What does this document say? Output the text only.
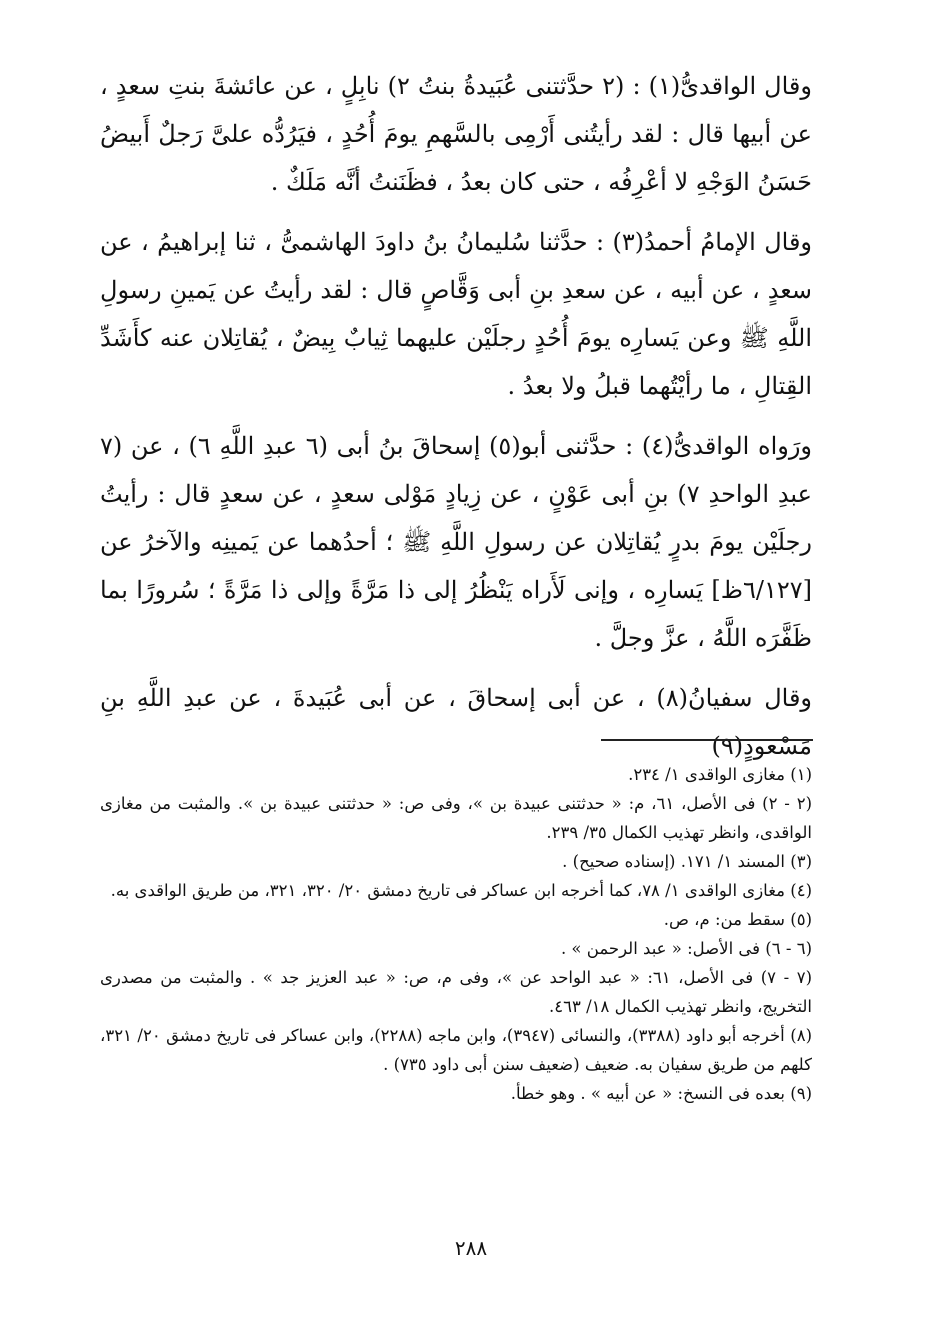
وقال الواقدىُّ(١) : (٢ حدَّثتنى عُبَيدةُ بنتُ ٢) نابِلٍ ، عن عائشةَ بنتِ سعدٍ ، عن أبيها قال : لقد رأيتُنى أَرْمِى بالسَّهمِ يومَ أُحُدٍ ، فيَرُدُّه علىَّ رَجلٌ أَبيضُ حَسَنُ الوَجْهِ لا أعْرِفُه ، حتى كان بعدُ ، فظَنَنتُ أنَّه مَلَكٌ .

وقال الإمامُ أحمدُ(٣) : حدَّثنا سُليمانُ بنُ داودَ الهاشمىُّ ، ثنا إبراهيمُ ، عن سعدٍ ، عن أبيه ، عن سعدِ بنِ أبى وَقَّاصٍ قال : لقد رأيتُ عن يَمينِ رسولِ اللَّهِ ﷺ وعن يَسارِه يومَ أُحُدٍ رجلَيْن عليهما ثِيابٌ بِيضٌ ، يُقاتِلان عنه كأَشَدِّ القِتالِ ، ما رأيْتُهما قبلُ ولا بعدُ .

ورَواه الواقدىُّ(٤) : حدَّثنى أبو(٥) إسحاقَ بنُ أبى (٦ عبدِ اللَّهِ ٦) ، عن (٧ عبدِ الواحدِ ٧) بنِ أبى عَوْنٍ ، عن زِيادٍ مَوْلى سعدٍ ، عن سعدٍ قال : رأيتُ رجلَيْن يومَ بدرٍ يُقاتِلان عن رسولِ اللَّهِ ﷺ ؛ أحدُهما عن يَمينِه والآخرُ عن [٦/١٢٧ظ] يَسارِه ، وإنى لَأَراه يَنْظُرُ إلى ذا مَرَّةً وإلى ذا مَرَّةً ؛ سُرورًا بما ظَفَّرَه اللَّهُ ، عزَّ وجلَّ .

وقال سفيانُ(٨) ، عن أبى إسحاقَ ، عن أبى عُبَيدةَ ، عن عبدِ اللَّهِ بنِ مَسْعودٍ(٩)

(١) مغازى الواقدى ١/ ٢٣٤.

(٢ - ٢) فى الأصل، ٦١، م: « حدثتنى عبيدة بن »، وفى ص: « حدثتنى عبيدة بن ». والمثبت من مغازى الواقدى، وانظر تهذيب الكمال ٣٥/ ٢٣٩.

(٣) المسند ١/ ١٧١. (إسناده صحيح) .

(٤) مغازى الواقدى ١/ ٧٨، كما أخرجه ابن عساكر فى تاريخ دمشق ٢٠/ ٣٢٠، ٣٢١، من طريق الواقدى به.

(٥) سقط من: م، ص.

(٦ - ٦) فى الأصل: « عبد الرحمن » .

(٧ - ٧) فى الأصل، ٦١: « عبد الواحد عن »، وفى م، ص: « عبد العزيز جد » . والمثبت من مصدرى التخريج، وانظر تهذيب الكمال ١٨/ ٤٦٣.

(٨) أخرجه أبو داود (٣٣٨٨)، والنسائى (٣٩٤٧)، وابن ماجه (٢٢٨٨)، وابن عساكر فى تاريخ دمشق ٢٠/ ٣٢١، كلهم من طريق سفيان به. ضعيف (ضعيف سنن أبى داود ٧٣٥) .

(٩) بعده فى النسخ: « عن أبيه » . وهو خطأ.

٢٨٨
